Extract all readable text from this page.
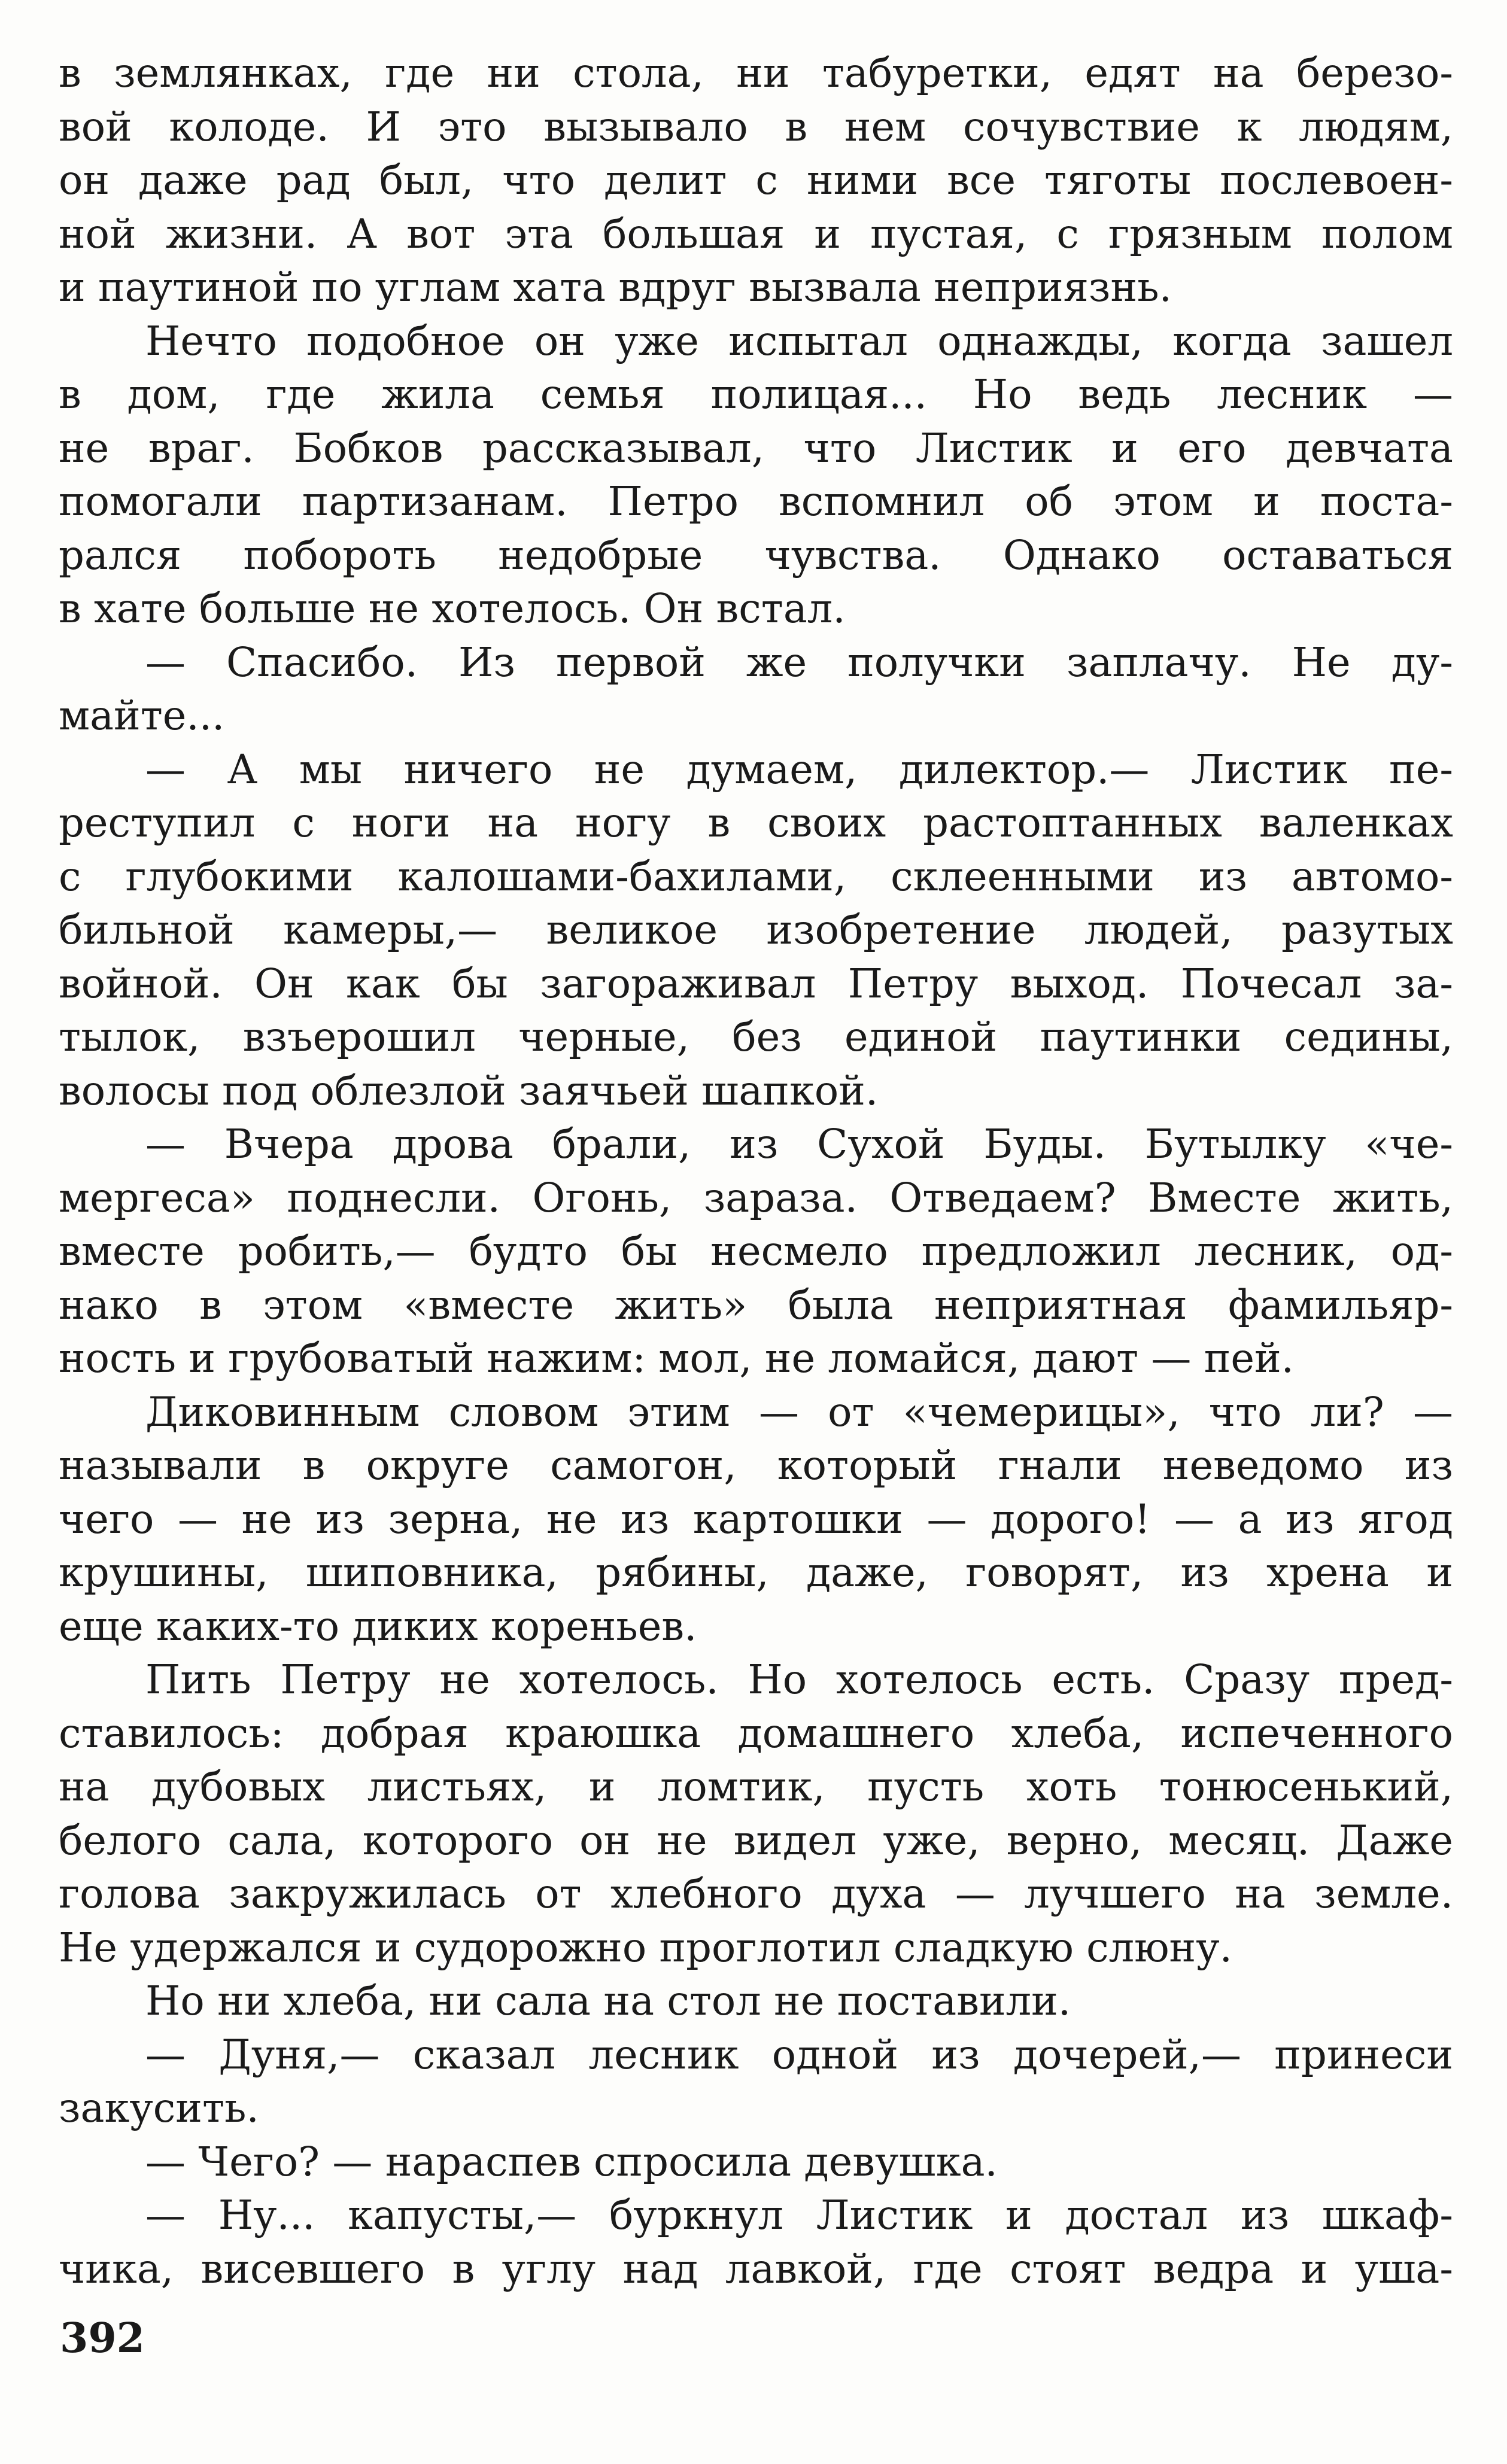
в землянках, где ни стола, ни табуретки, едят на березо-
вой колоде. И это вызывало в нем сочувствие к людям,
он даже рад был, что делит с ними все тяготы послевоен-
ной жизни. А вот эта большая и пустая, с грязным полом
и паутиной по углам хата вдруг вызвала неприязнь.
Нечто подобное он уже испытал однажды, когда зашел
в дом, где жила семья полицая... Но ведь лесник —
не враг. Бобков рассказывал, что Листик и его девчата
помогали партизанам. Петро вспомнил об этом и поста-
рался побороть недобрые чувства. Однако оставаться
в хате больше не хотелось. Он встал.
— Спасибо. Из первой же получки заплачу. Не ду-
майте...
— А мы ничего не думаем, дилектор.— Листик пе-
реступил с ноги на ногу в своих растоптанных валенках
с глубокими калошами-бахилами, склеенными из автомо-
бильной камеры,— великое изобретение людей, разутых
войной. Он как бы загораживал Петру выход. Почесал за-
тылок, взъерошил черные, без единой паутинки седины,
волосы под облезлой заячьей шапкой.
— Вчера дрова брали, из Сухой Буды. Бутылку «че-
мергеса» поднесли. Огонь, зараза. Отведаем? Вместе жить,
вместе робить,— будто бы несмело предложил лесник, од-
нако в этом «вместе жить» была неприятная фамильяр-
ность и грубоватый нажим: мол, не ломайся, дают — пей.
Диковинным словом этим — от «чемерицы», что ли? —
называли в округе самогон, который гнали неведомо из
чего — не из зерна, не из картошки — дорого! — а из ягод
крушины, шиповника, рябины, даже, говорят, из хрена и
еще каких-то диких кореньев.
Пить Петру не хотелось. Но хотелось есть. Сразу пред-
ставилось: добрая краюшка домашнего хлеба, испеченного
на дубовых листьях, и ломтик, пусть хоть тонюсенький,
белого сала, которого он не видел уже, верно, месяц. Даже
голова закружилась от хлебного духа — лучшего на земле.
Не удержался и судорожно проглотил сладкую слюну.
Но ни хлеба, ни сала на стол не поставили.
— Дуня,— сказал лесник одной из дочерей,— принеси
закусить.
— Чего? — нараспев спросила девушка.
— Ну... капусты,— буркнул Листик и достал из шкаф-
чика, висевшего в углу над лавкой, где стоят ведра и уша-
392
